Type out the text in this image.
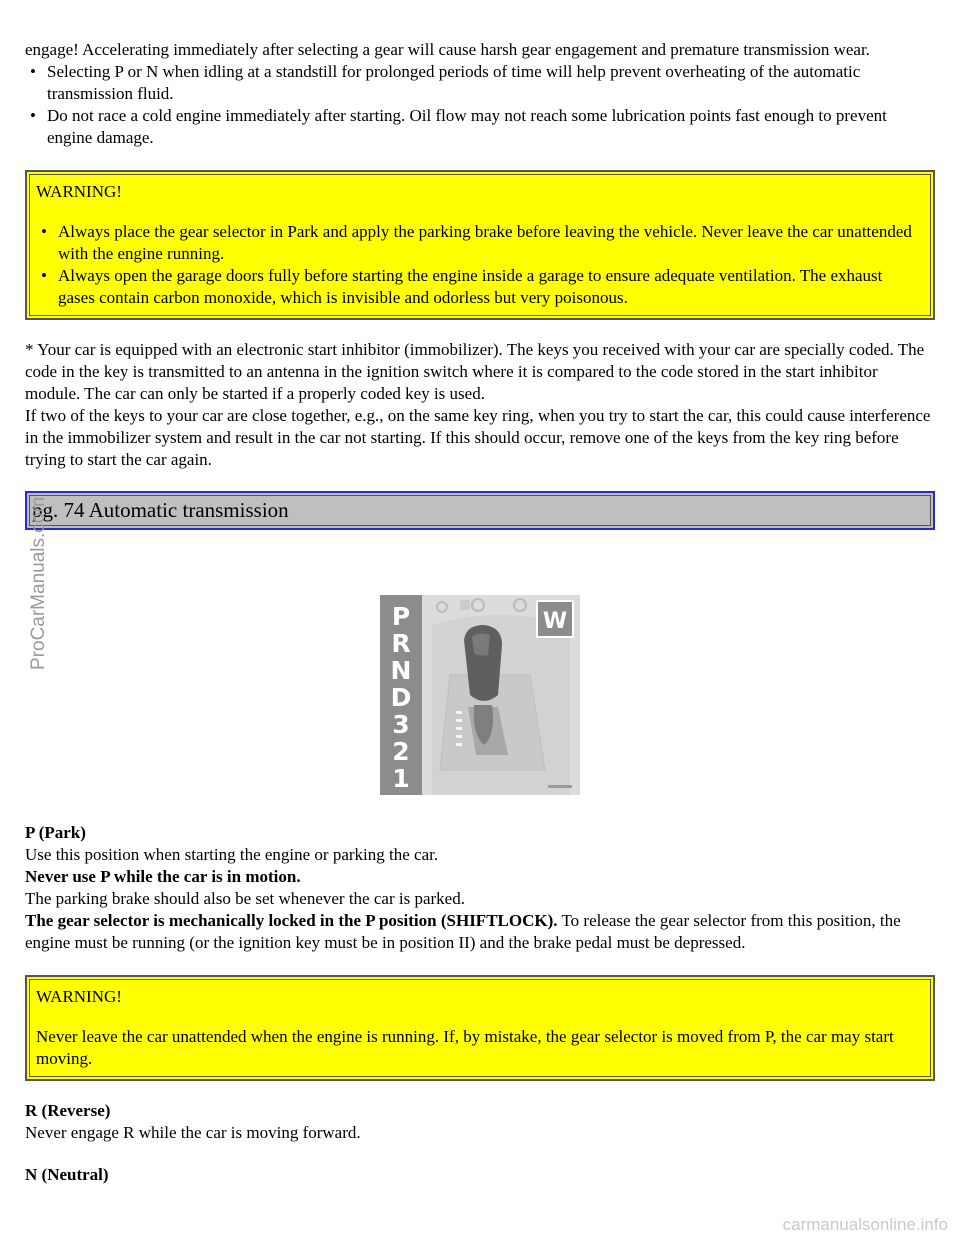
engage! Accelerating immediately after selecting a gear will cause harsh gear engagement and premature transmission wear.

• Selecting P or N when idling at a standstill for prolonged periods of time will help prevent overheating of the automatic transmission fluid.
• Do not race a cold engine immediately after starting. Oil flow may not reach some lubrication points fast enough to prevent engine damage.

WARNING!

• Always place the gear selector in Park and apply the parking brake before leaving the vehicle. Never leave the car unattended with the engine running.
• Always open the garage doors fully before starting the engine inside a garage to ensure adequate ventilation. The exhaust gases contain carbon monoxide, which is invisible and odorless but very poisonous.

* Your car is equipped with an electronic start inhibitor (immobilizer). The keys you received with your car are specially coded. The code in the key is transmitted to an antenna in the ignition switch where it is compared to the code stored in the start inhibitor module. The car can only be started if a properly coded key is used.

If two of the keys to your car are close together, e.g., on the same key ring, when you try to start the car, this could cause interference in the immobilizer system and result in the car not starting. If this should occur, remove one of the keys from the key ring before trying to start the car again.

pg. 74 Automatic transmission
P
R
N
D
3
2
1
W

P (Park)

Use this position when starting the engine or parking the car.

Never use P while the car is in motion.

The parking brake should also be set whenever the car is parked.

The gear selector is mechanically locked in the P position (SHIFTLOCK). To release the gear selector from this position, the engine must be running (or the ignition key must be in position II) and the brake pedal must be depressed.

WARNING!

Never leave the car unattended when the engine is running. If, by mistake, the gear selector is moved from P, the car may start moving.

R (Reverse)

Never engage R while the car is moving forward.

N (Neutral)

ProCarManuals.com
carmanualsonline.info
